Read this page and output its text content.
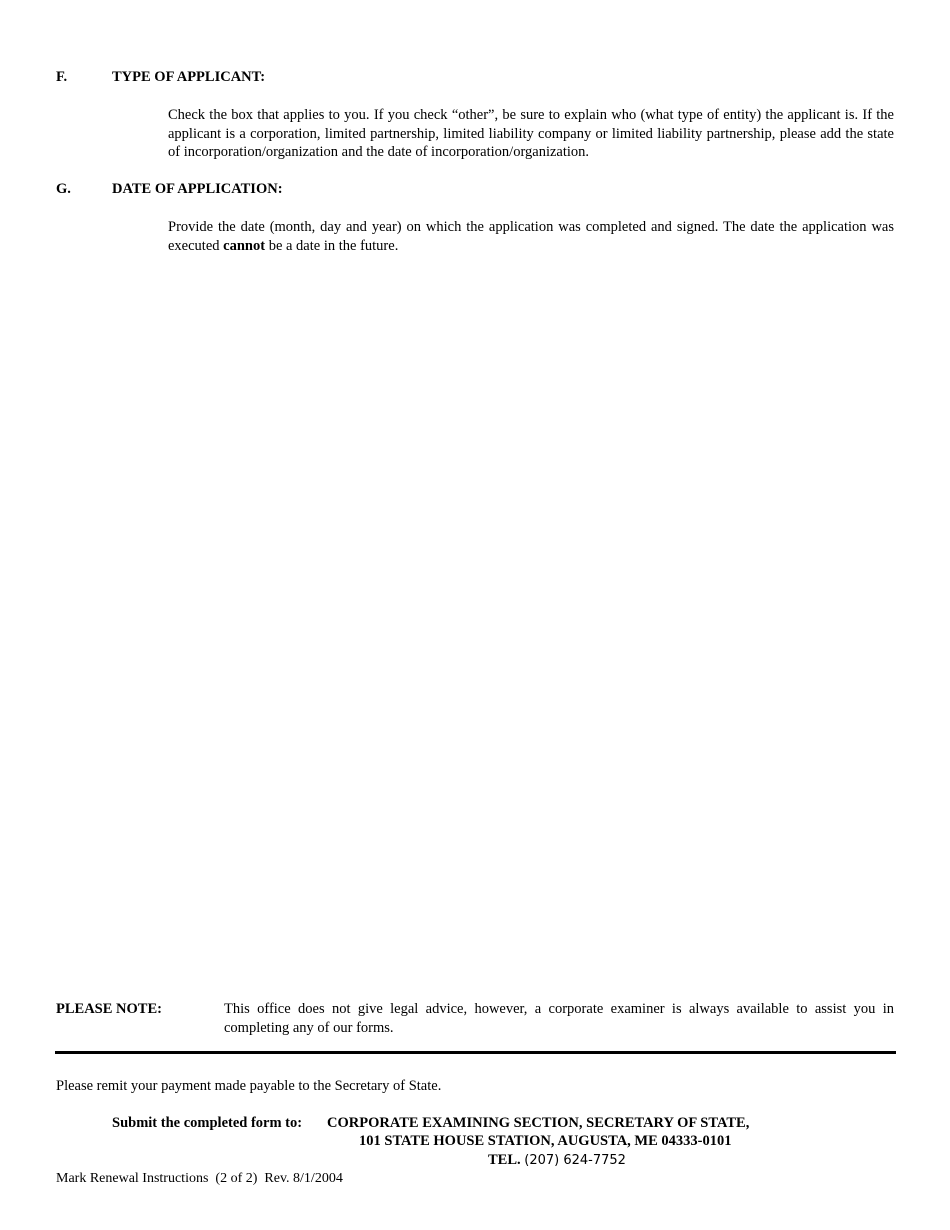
F.	TYPE OF APPLICANT:
Check the box that applies to you. If you check “other”, be sure to explain who (what type of entity) the applicant is. If the applicant is a corporation, limited partnership, limited liability company or limited liability partnership, please add the state of incorporation/organization and the date of incorporation/organization.
G.	DATE OF APPLICATION:
Provide the date (month, day and year) on which the application was completed and signed. The date the application was executed cannot be a date in the future.
PLEASE NOTE:	This office does not give legal advice, however, a corporate examiner is always available to assist you in completing any of our forms.
Please remit your payment made payable to the Secretary of State.
Submit the completed form to: CORPORATE EXAMINING SECTION, SECRETARY OF STATE,
101 STATE HOUSE STATION, AUGUSTA, ME 04333-0101
TEL. (207) 624-7752
Mark Renewal Instructions  (2 of 2)  Rev. 8/1/2004
